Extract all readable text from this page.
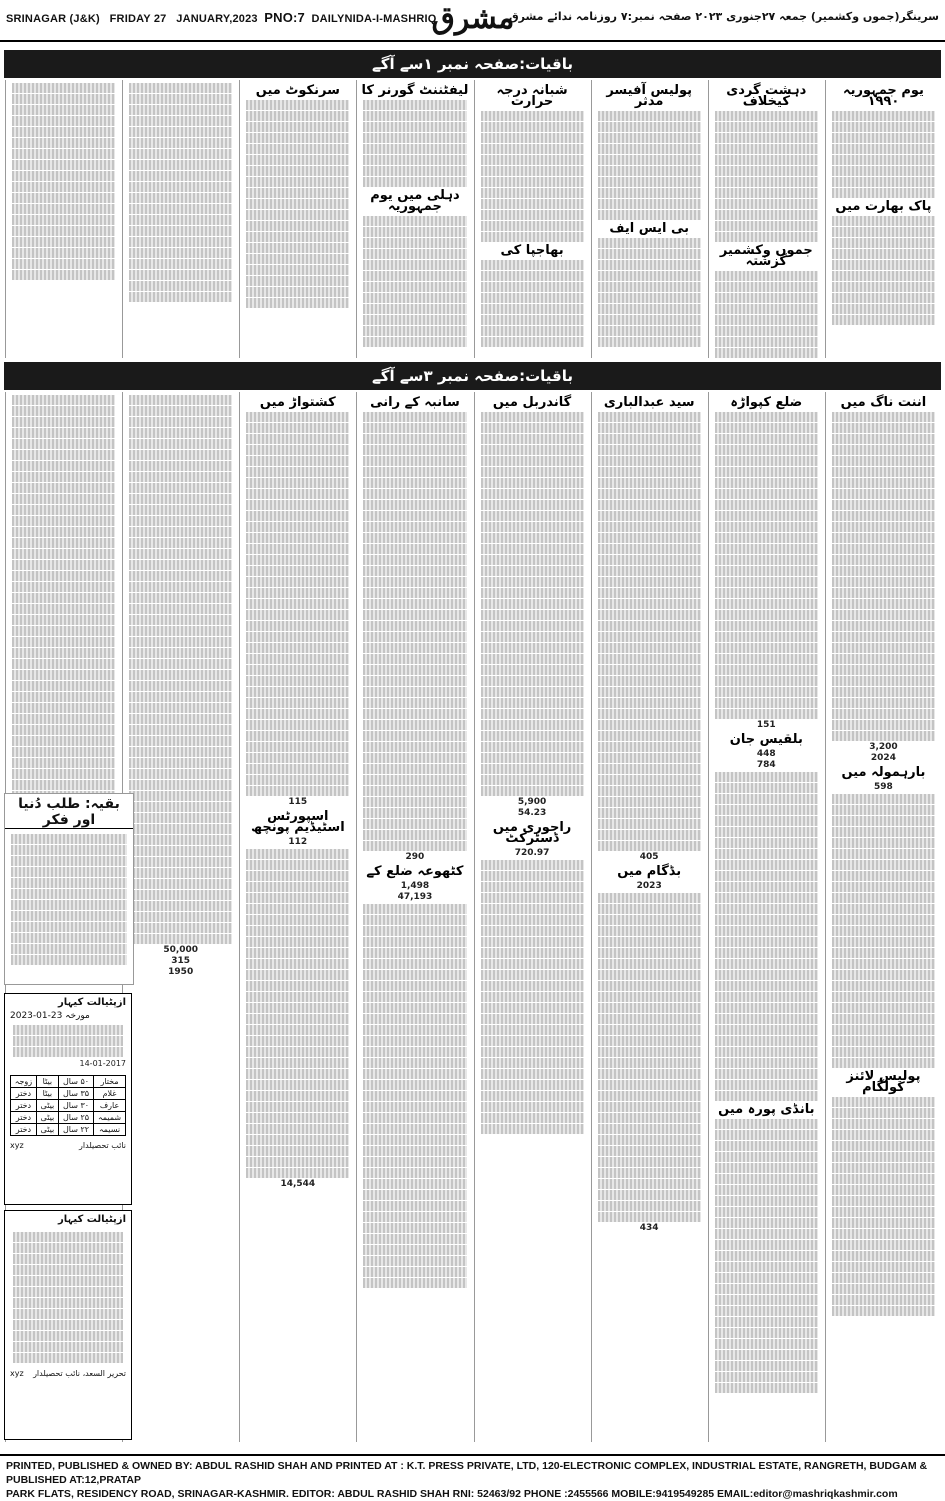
SRINAGAR (J&K) FRIDAY 27 JANUARY,2023 PNO:7 DAILYNIDA-I-MASHRIQ
مشرق
سرینگر(جموں وکشمیر) جمعہ ۲۷جنوری ۲۰۲۳ صفحہ نمبر:۷ روزنامہ ندائے مشرق
باقیات:صفحہ نمبر ۱سے آگے
یوم جمہوریہ ۱۹۹۰
پاک بھارت میں
دہشت گردی کیخلاف
جموں وکشمیر گزشتہ
پولیس آفیسر مدثر
بی ایس ایف
شبانہ درجہ حرارت
بھاجپا کی
لیفٹننٹ گورنر کا
دہلی میں یوم جمہوریہ
سرنکوٹ میں
باقیات:صفحہ نمبر ۳سے آگے
اننت ناگ میں
3,200
2024
بارہمولہ میں
598
پولیس لائنز کولگام
ضلع کپواڑہ
151
بلقیس جان
448
784
بانڈی پورہ میں
سید عبدالباری
405
بڈگام میں
2023
434
گاندربل میں
5,900
54.23
راجوری میں ڈسٹرکٹ
720.97
سانبہ کے رانی
290
کٹھوعہ ضلع کے
1,498
47,193
کشتواڑ میں
115
اسپورٹس اسٹیڈیم پونچھ
112
14,544
50,000
315
1950
بقیہ: طلب دُنیا اور فکر
ازپٹیالت کیہار
مورخہ 23-01-2023
14-01-2017
مختار	۵۰ سال	بیٹا	زوجہ
غلام	۳۵ سال	بیٹا	دختر
عارف	۳۰ سال	بیٹی	دختر
شمیمہ	۲۵ سال	بیٹی	دختر
نسیمہ	۲۲ سال	بیٹی	دختر
xyz	نائب تحصیلدار
ازپٹیالت کیہار
xyz تحریر السعد، نائب تحصیلدار
PRINTED, PUBLISHED & OWNED BY: ABDUL RASHID SHAH AND PRINTED AT : K.T. PRESS PRIVATE, LTD, 120-ELECTRONIC COMPLEX, INDUSTRIAL ESTATE, RANGRETH, BUDGAM & PUBLISHED AT:12,PRATAP
PARK FLATS, RESIDENCY ROAD, SRINAGAR-KASHMIR. EDITOR: ABDUL RASHID SHAH RNI: 52463/92 PHONE :2455566 MOBILE:9419549285 EMAIL:editor@mashriqkashmir.com
